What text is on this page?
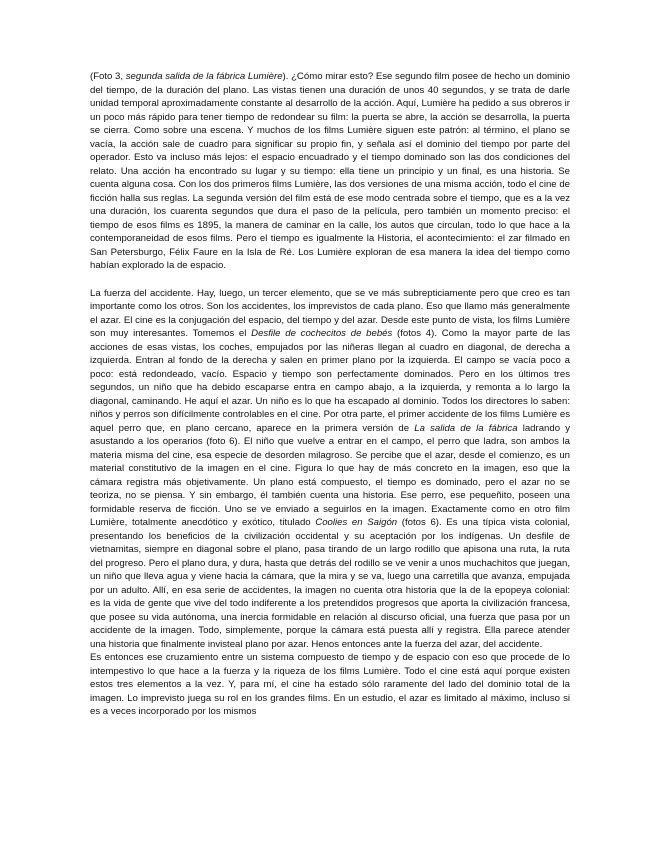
(Foto 3, segunda salida de la fábrica Lumière). ¿Cómo mirar esto? Ese segundo film posee de hecho un dominio del tiempo, de la duración del plano. Las vistas tienen una duración de unos 40 segundos, y se trata de darle unidad temporal aproximadamente constante al desarrollo de la acción. Aquí, Lumière ha pedido a sus obreros ir un poco más rápido para tener tiempo de redondear su film: la puerta se abre, la acción se desarrolla, la puerta se cierra. Como sobre una escena. Y muchos de los films Lumière siguen este patrón: al término, el plano se vacía, la acción sale de cuadro para significar su propio fin, y señala así el dominio del tiempo por parte del operador. Esto va incluso más lejos: el espacio encuadrado y el tiempo dominado son las dos condiciones del relato. Una acción ha encontrado su lugar y su tiempo: ella tiene un principio y un final, es una historia. Se cuenta alguna cosa. Con los dos primeros films Lumière, las dos versiones de una misma acción, todo el cine de ficción halla sus reglas. La segunda versión del film está de ese modo centrada sobre el tiempo, que es a la vez una duración, los cuarenta segundos que dura el paso de la película, pero también un momento preciso: el tiempo de esos films es 1895, la manera de caminar en la calle, los autos que circulan, todo lo que hace a la contemporaneidad de esos films. Pero el tiempo es igualmente la Historia, el acontecimiento: el zar filmado en San Petersburgo, Félix Faure en la Isla de Ré. Los Lumière exploran de esa manera la idea del tiempo como habían explorado la de espacio.

La fuerza del accidente. Hay, luego, un tercer elemento, que se ve más subrepticiamente pero que creo es tan importante como los otros. Son los accidentes, los imprevistos de cada plano. Eso que llamo más generalmente el azar. El cine es la conjugación del espacio, del tiempo y del azar. Desde este punto de vista, los films Lumière son muy interesantes. Tomemos el Desfile de cochecitos de bebés (fotos 4). Como la mayor parte de las acciones de esas vistas, los coches, empujados por las niñeras llegan al cuadro en diagonal, de derecha a izquierda. Entran al fondo de la derecha y salen en primer plano por la izquierda. El campo se vacía poco a poco: está redondeado, vacío. Espacio y tiempo son perfectamente dominados. Pero en los últimos tres segundos, un niño que ha debido escaparse entra en campo abajo, a la izquierda, y remonta a lo largo la diagonal, caminando. He aquí el azar. Un niño es lo que ha escapado al dominio. Todos los directores lo saben: niños y perros son difícilmente controlables en el cine. Por otra parte, el primer accidente de los films Lumière es aquel perro que, en plano cercano, aparece en la primera versión de La salida de la fábrica ladrando y asustando a los operarios (foto 6). El niño que vuelve a entrar en el campo, el perro que ladra, son ambos la materia misma del cine, esa especie de desorden milagroso. Se percibe que el azar, desde el comienzo, es un material constitutivo de la imagen en el cine. Figura lo que hay de más concreto en la imagen, eso que la cámara registra más objetivamente. Un plano está compuesto, el tiempo es dominado, pero el azar no se teoriza, no se piensa. Y sin embargo, él también cuenta una historia. Ese perro, ese pequeñito, poseen una formidable reserva de ficción. Uno se ve enviado a seguirlos en la imagen. Exactamente como en otro film Lumière, totalmente anecdótico y exótico, titulado Coolies en Saigón (fotos 6). Es una típica vista colonial, presentando los beneficios de la civilización occidental y su aceptación por los indígenas. Un desfile de vietnamitas, siempre en diagonal sobre el plano, pasa tirando de un largo rodillo que apisona una ruta, la ruta del progreso. Pero el plano dura, y dura, hasta que detrás del rodillo se ve venir a unos muchachitos que juegan, un niño que lleva agua y viene hacia la cámara, que la mira y se va, luego una carretilla que avanza, empujada por un adulto. Allí, en esa serie de accidentes, la imagen no cuenta otra historia que la de la epopeya colonial: es la vida de gente que vive del todo indiferente a los pretendidos progresos que aporta la civilización francesa, que posee su vida autónoma, una inercia formidable en relación al discurso oficial, una fuerza que pasa por un accidente de la imagen. Todo, simplemente, porque la cámara está puesta allí y registra. Ella parece atender una historia que finalmente invisteal plano por azar. Henos entonces ante la fuerza del azar, del accidente.

Es entonces ese cruzamiento entre un sistema compuesto de tiempo y de espacio con eso que procede de lo intempestivo lo que hace a la fuerza y la riqueza de los films Lumière. Todo el cine está aquí porque existen estos tres elementos a la vez. Y, para mí, el cine ha estado sólo raramente del lado del dominio total de la imagen. Lo imprevisto juega su rol en los grandes films. En un estudio, el azar es limitado al máximo, incluso si es a veces incorporado por los mismos
